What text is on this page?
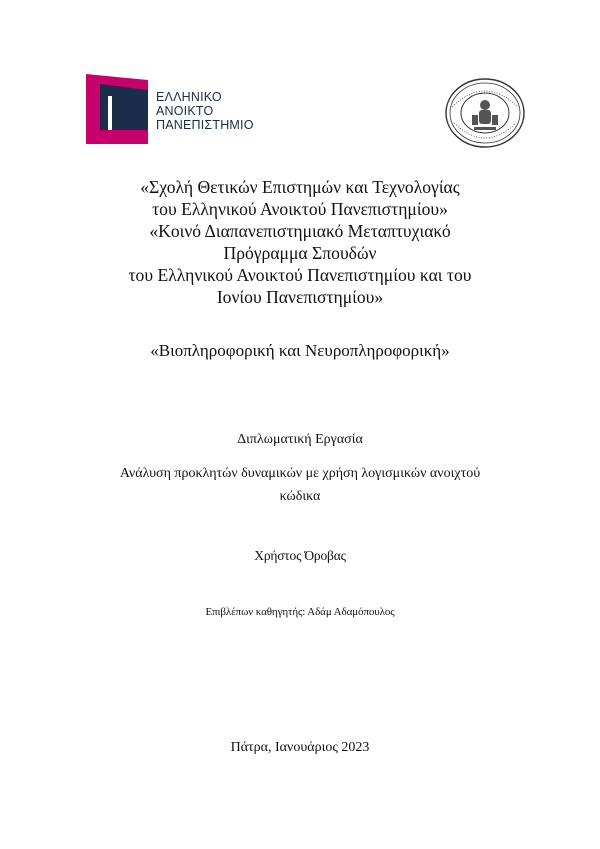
ΕΛΛΗΝΙΚΟ
ΑΝΟΙΚΤΟ
ΠΑΝΕΠΙΣΤΗΜΙΟ
«Σχολή Θετικών Επιστημών και Τεχνολογίας
του Ελληνικού Ανοικτού Πανεπιστημίου»
«Κοινό Διαπανεπιστημιακό Μεταπτυχιακό
Πρόγραμμα Σπουδών
του Ελληνικού Ανοικτού Πανεπιστημίου και του
Ιονίου Πανεπιστημίου»
«Βιοπληροφορική και Νευροπληροφορική»
Διπλωματική Εργασία
Ανάλυση προκλητών δυναμικών με χρήση λογισμικών ανοιχτού
κώδικα
Χρήστος Όροβας
Επιβλέπων καθηγητής: Αδάμ Αδαμόπουλος
Πάτρα, Ιανουάριος 2023
